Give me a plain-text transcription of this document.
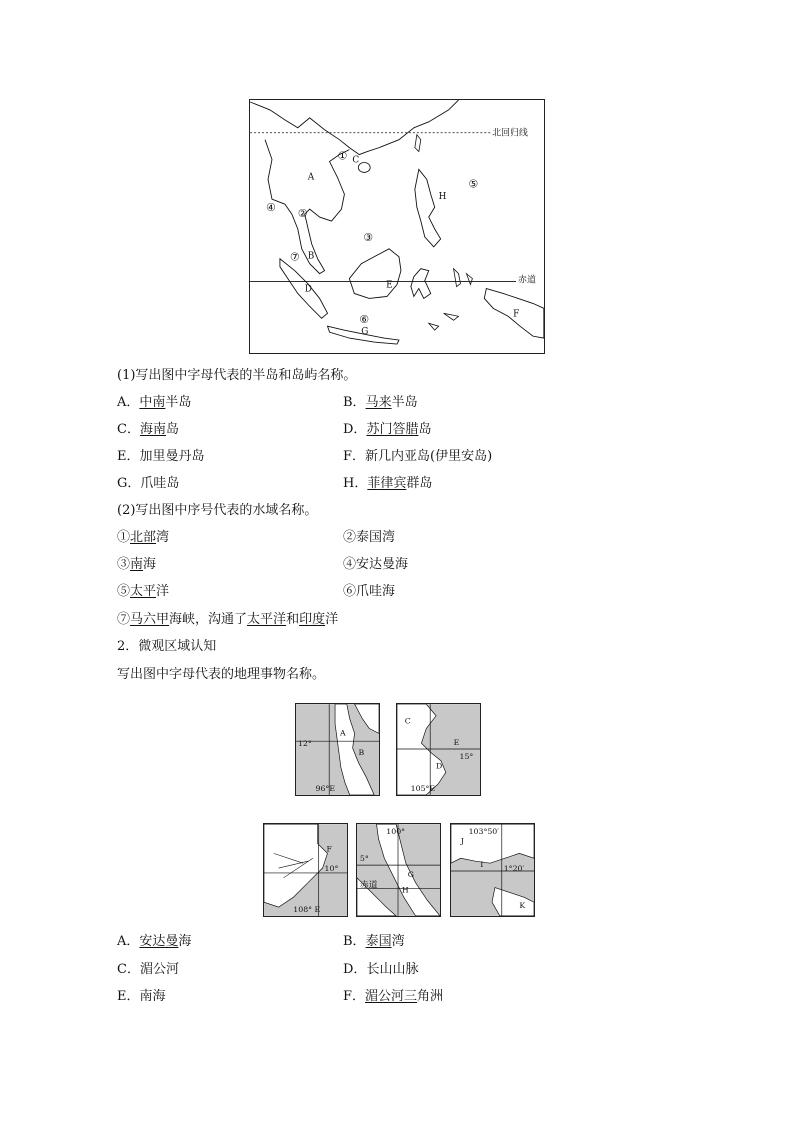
北回归线
赤道
A
B
C
D	E
F
G
H
①
②
③
④
⑤
⑥
⑦
(1)写出图中字母代表的半岛和岛屿名称。
A．中南半岛	B．马来半岛
C．海南岛	D．苏门答腊岛
E．加里曼丹岛	F．新几内亚岛(伊里安岛)
G．爪哇岛	H．菲律宾群岛
(2)写出图中序号代表的水域名称。
①北部湾	②泰国湾
③南海	④安达曼海
⑤太平洋	⑥爪哇海
⑦马六甲海峡，沟通了太平洋和印度洋
2．微观区域认知
写出图中字母代表的地理事物名称。
12°
96°E
A
B
C
D
E
15°
105°E
F
10°
108° E
100°
5°
G
H
赤道
103°50′
J
I	1°20′
K
A．安达曼海	B．泰国湾
C．湄公河	D．长山山脉
E．南海	F．湄公河三角洲
